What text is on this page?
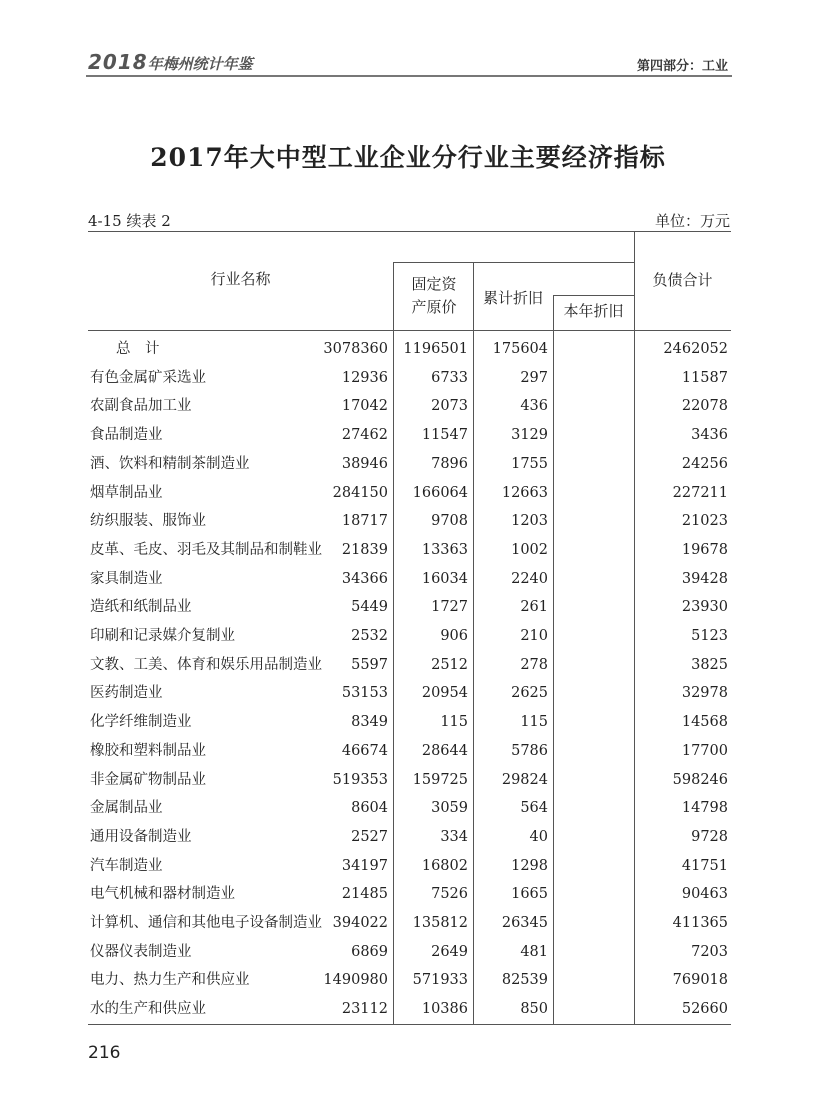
2018年梅州统计年鉴	第四部分：工业
2017年大中型工业企业分行业主要经济指标
4-15 续表 2	单位：万元
行业名称	固定资产原价	累计折旧
本年折旧
负债合计
总　计	3078360 1196501 175604	2462052
有色金属矿采选业	12936	6733	297	11587
农副食品加工业	17042	2073	436	22078
食品制造业	27462 11547	3129	3436
酒、饮料和精制茶制造业	38946	7896	1755	24256
烟草制品业	284150 166064 12663	227211
纺织服装、服饰业	18717	9708	1203	21023
皮革、毛皮、羽毛及其制品和制鞋业 21839 13363	1002	19678
家具制造业	34366 16034	2240	39428
造纸和纸制品业	5449	1727	261	23930
印刷和记录媒介复制业	2532	906	210	5123
文教、工美、体育和娱乐用品制造业 5597	2512	278	3825
医药制造业	53153 20954	2625	32978
化学纤维制造业	8349	115	115	14568
橡胶和塑料制品业	46674 28644	5786	17700
非金属矿物制品业	519353 159725 29824	598246
金属制品业	8604	3059	564	14798
通用设备制造业	2527	334	40	9728
汽车制造业	34197 16802	1298	41751
电气机械和器材制造业	21485	7526	1665	90463
计算机、通信和其他电子设备制造业 394022 135812 26345	411365
仪器仪表制造业	6869	2649	481	7203
电力、热力生产和供应业	1490980 571933 82539	769018
水的生产和供应业	23112 10386	850	52660
216
